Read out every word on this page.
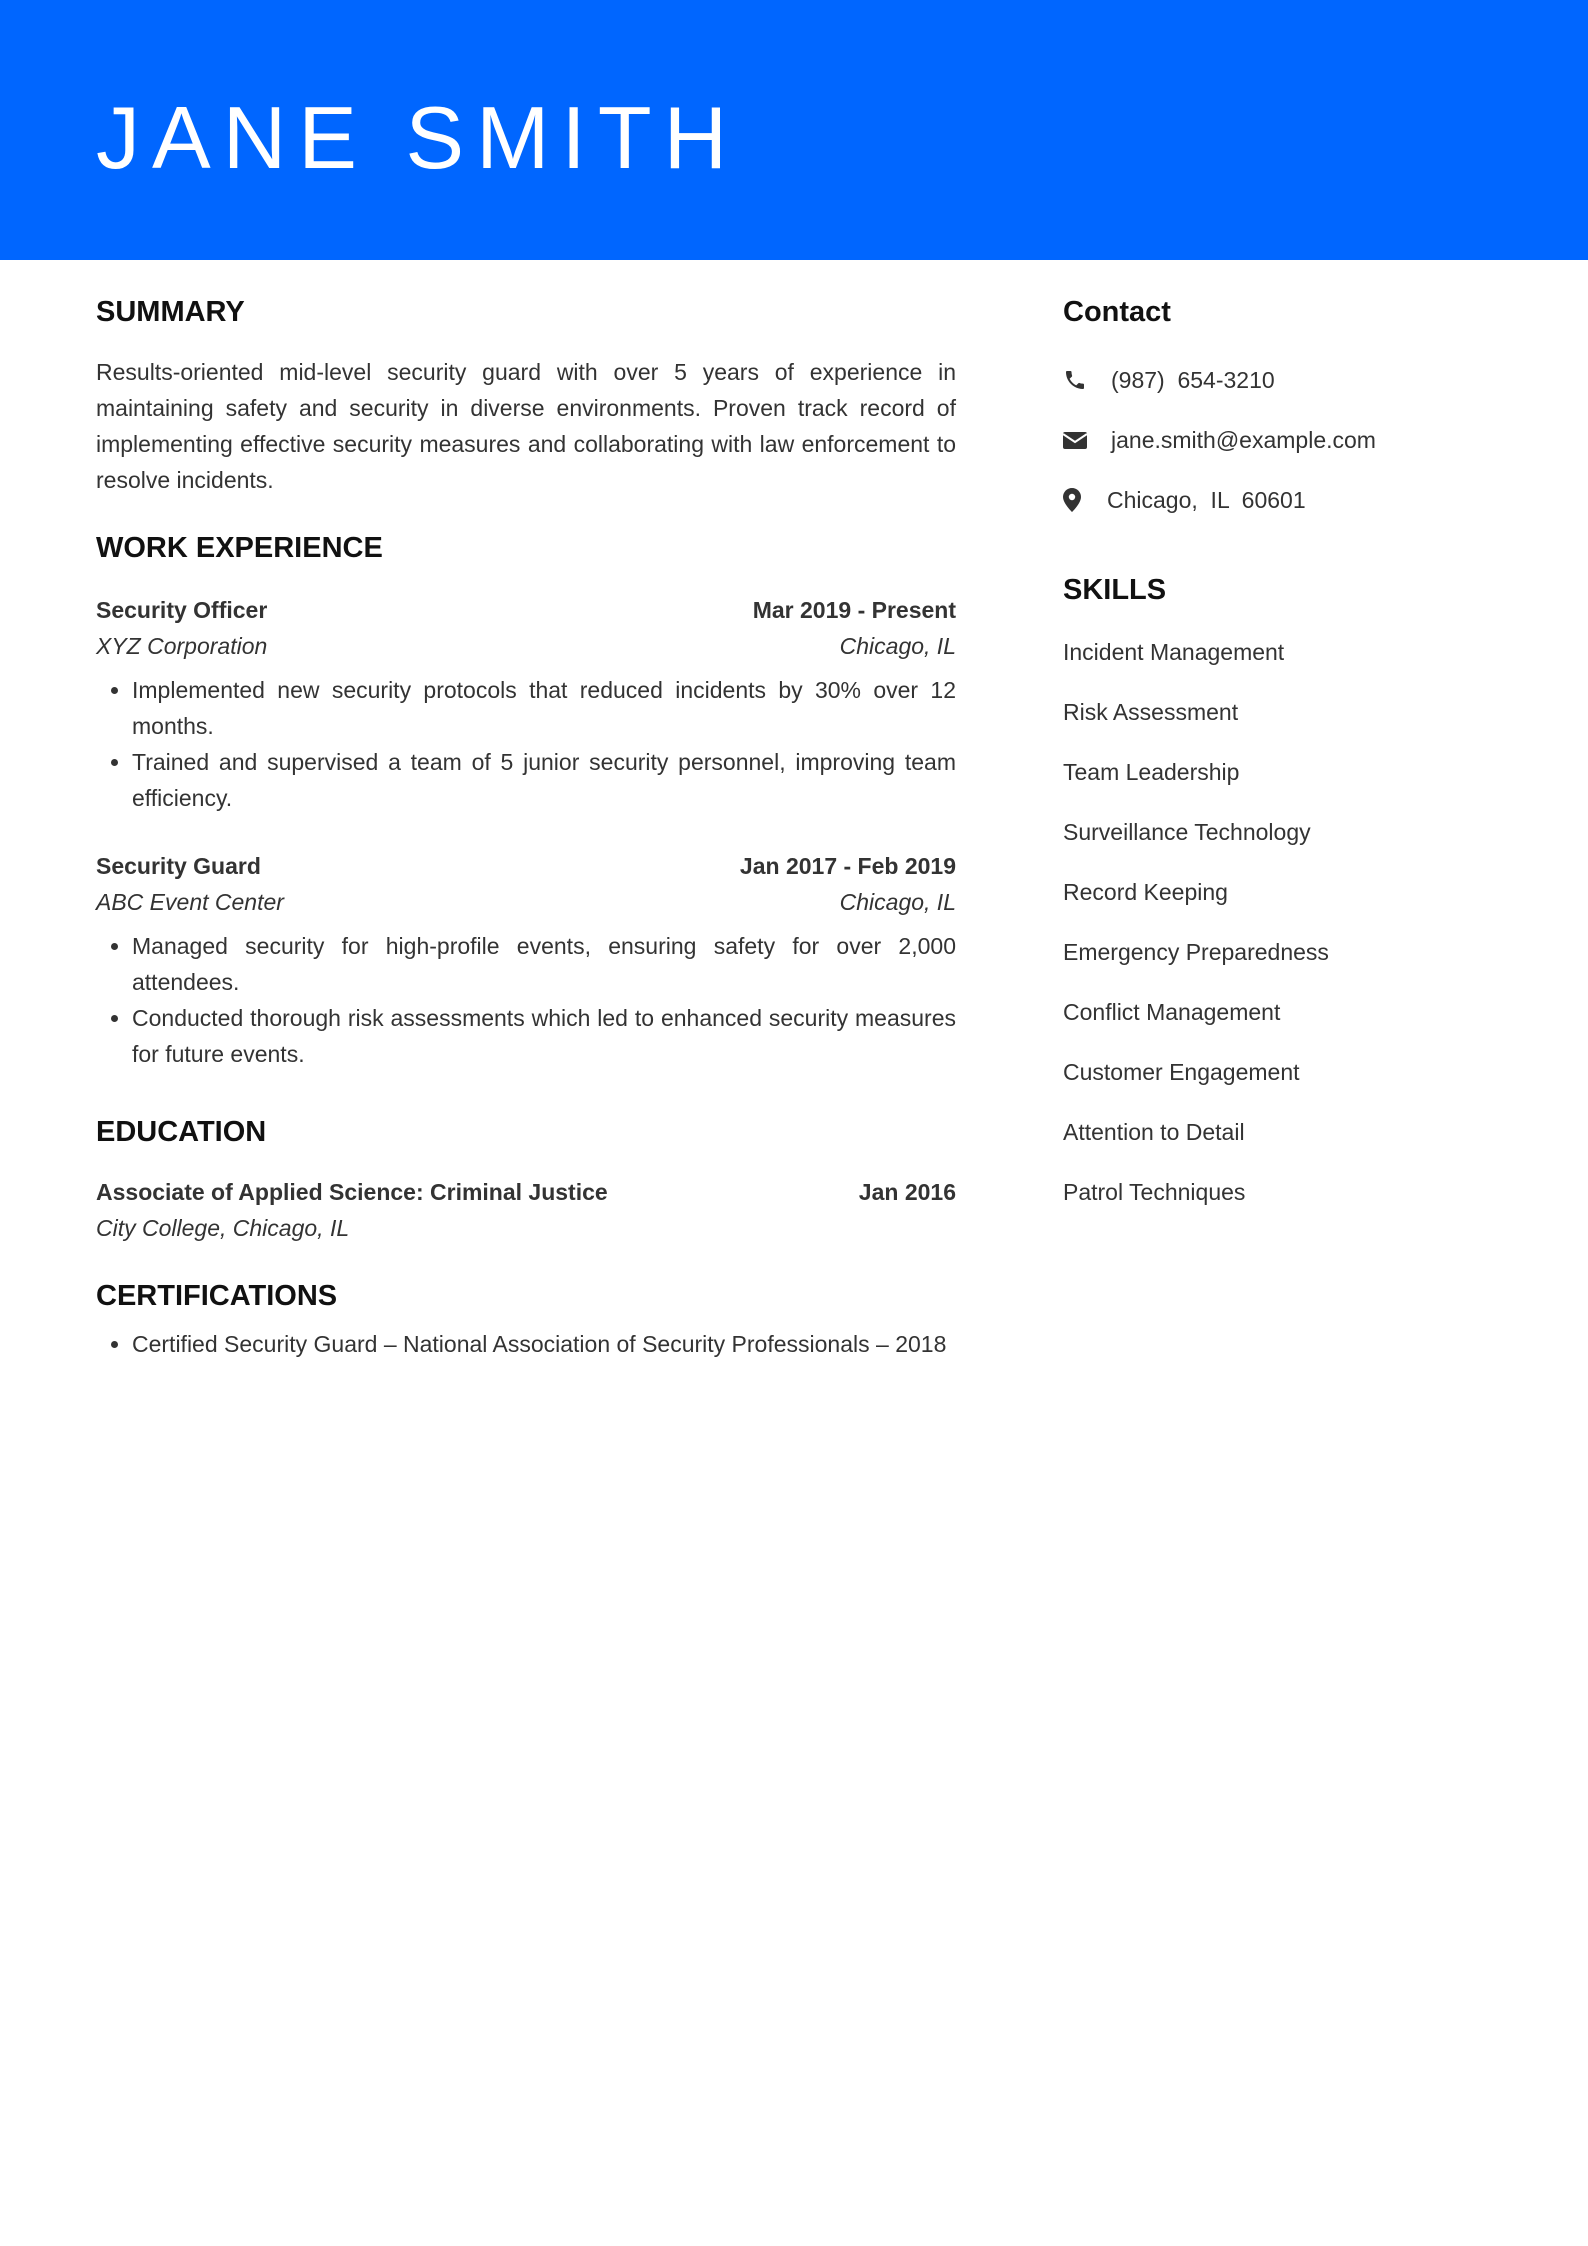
JANE SMITH
SUMMARY

Results-oriented mid-level security guard with over 5 years of experience in maintaining safety and security in diverse environments. Proven track record of implementing effective security measures and collaborating with law enforcement to resolve incidents.

WORK EXPERIENCE
Security Officer	Mar 2019 - Present
XYZ Corporation	Chicago, IL
• Implemented new security protocols that reduced incidents by 30% over 12 months.
• Trained and supervised a team of 5 junior security personnel, improving team efficiency.
Security Guard	Jan 2017 - Feb 2019
ABC Event Center	Chicago, IL
• Managed security for high-profile events, ensuring safety for over 2,000 attendees.
• Conducted thorough risk assessments which led to enhanced security measures for future events.
EDUCATION
Associate of Applied Science: Criminal Justice	Jan 2016
City College, Chicago, IL
CERTIFICATIONS
• Certified Security Guard – National Association of Security Professionals – 2018
Contact
(987)  654-3210
jane.smith@example.com
Chicago,  IL  60601
SKILLS
Incident Management
Risk Assessment
Team Leadership
Surveillance Technology
Record Keeping
Emergency Preparedness
Conflict Management
Customer Engagement
Attention to Detail
Patrol Techniques
